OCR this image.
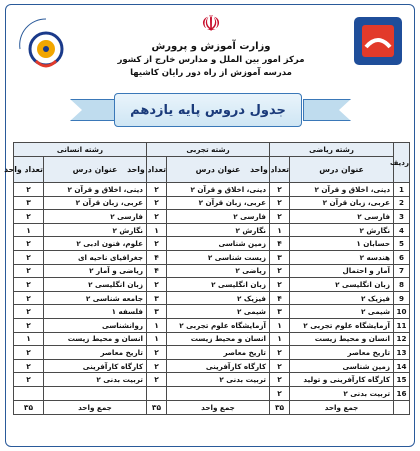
☫
وزارت آموزش و پرورش
مرکز امور بین الملل و مدارس خارج از کشور
مدرسه آموزش از راه دور رایان کاشیها
جدول دروس پایه یازدهم
ردیف	رشته ریاضی		رشته تجربی		رشته انسانی	
	عنوان درس	تعداد واحد	عنوان درس	تعداد واحد	عنوان درس	تعداد واحد
1	دینی، اخلاق و قرآن ۲	۲	دینی، اخلاق و قرآن ۲	۲	دینی، اخلاق و قرآن ۲	۲
2	عربی، زبان قرآن ۲	۲	عربی، زبان قرآن ۲	۲	عربی، زبان قرآن ۲	۳
3	فارسی ۲	۲	فارسی ۲	۲	فارسی ۲	۲
4	نگارش ۲	۱	نگارش ۲	۱	نگارش ۲	۱
5	حسابان ۱	۴	زمین شناسی	۲	علوم، فنون ادبی ۲	۲
6	هندسه ۲	۳	زیست شناسی ۲	۴	جغرافیای ناحیه ای	۲
7	آمار و احتمال	۲	ریاضی ۲	۴	ریاضی و آمار ۲	۲
8	زبان انگلیسی ۲	۲	زبان انگلیسی ۲	۲	زبان انگلیسی ۲	۲
9	فیزیک ۲	۴	فیزیک ۲	۳	جامعه شناسی ۲	۲
10	شیمی ۲	۳	شیمی ۲	۳	فلسفه ۱	۲
11	آزمایشگاه علوم تجربی ۲	۱	آزمایشگاه علوم تجربی ۲	۱	روانشناسی	۲
12	انسان و محیط زیست	۱	انسان و محیط زیست	۱	انسان و محیط زیست	۱
13	تاریخ معاصر	۲	تاریخ معاصر	۲	تاریخ معاصر	۲
14	زمین شناسی	۲	کارگاه کارآفرینی	۲	کارگاه کارآفرینی	۲
15	کارگاه کارآفرینی و تولید	۲	تربیت بدنی ۲	۲	تربیت بدنی ۲	۲
16	تربیت بدنی ۲	۲				
	جمع واحد	۳۵	جمع واحد	۳۵	جمع واحد	۳۵
